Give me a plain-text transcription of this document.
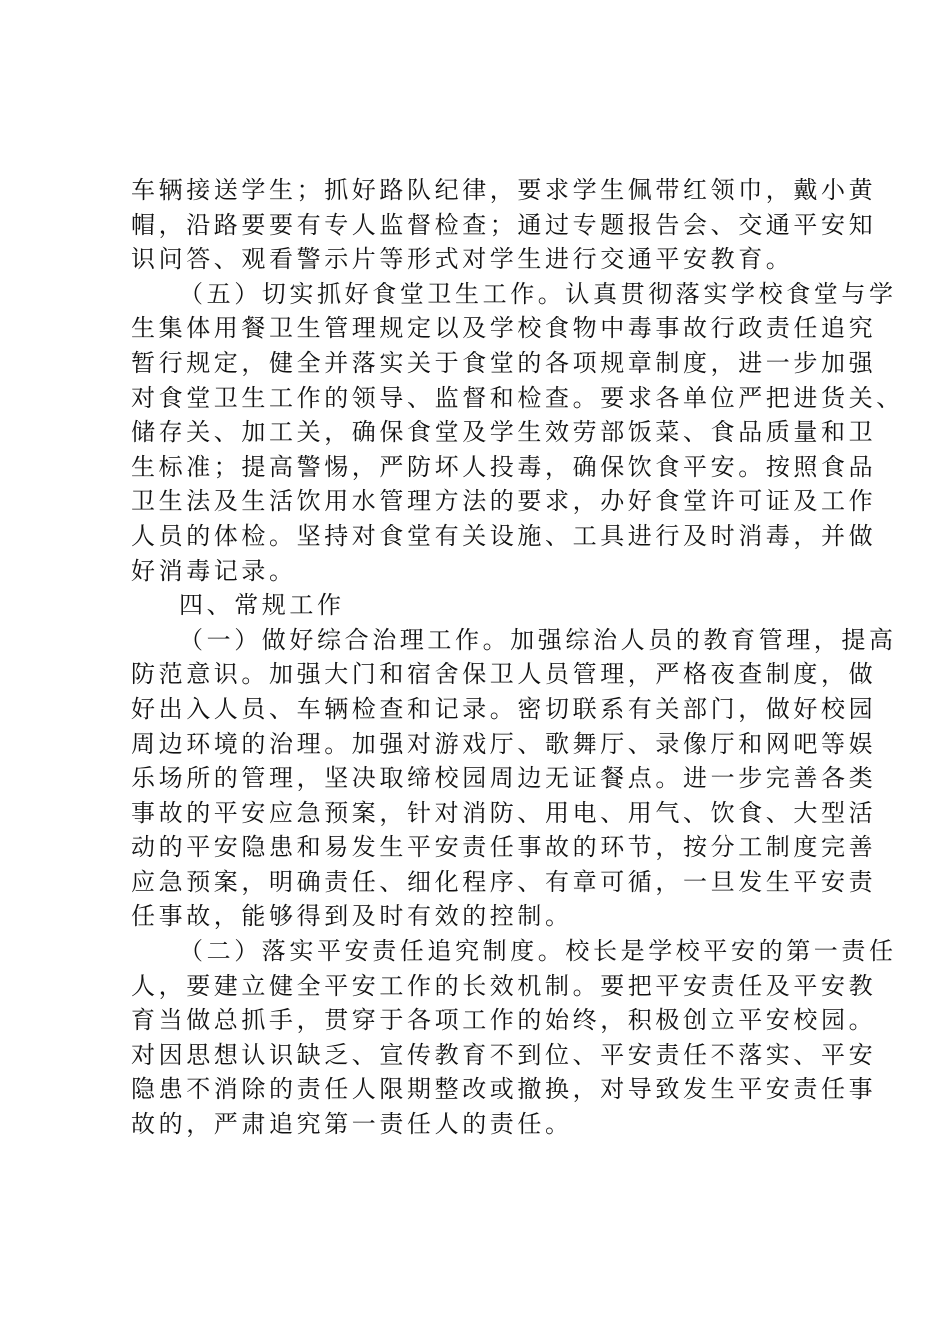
车辆接送学生；抓好路队纪律，要求学生佩带红领巾，戴小黄
帽，沿路要要有专人监督检查；通过专题报告会、交通平安知
识问答、观看警示片等形式对学生进行交通平安教育。
（五）切实抓好食堂卫生工作。认真贯彻落实学校食堂与学
生集体用餐卫生管理规定以及学校食物中毒事故行政责任追究
暂行规定，健全并落实关于食堂的各项规章制度，进一步加强
对食堂卫生工作的领导、监督和检查。要求各单位严把进货关、
储存关、加工关，确保食堂及学生效劳部饭菜、食品质量和卫
生标准；提高警惕，严防坏人投毒，确保饮食平安。按照食品
卫生法及生活饮用水管理方法的要求，办好食堂许可证及工作
人员的体检。坚持对食堂有关设施、工具进行及时消毒，并做
好消毒记录。
四、常规工作
（一）做好综合治理工作。加强综治人员的教育管理，提高
防范意识。加强大门和宿舍保卫人员管理，严格夜查制度，做
好出入人员、车辆检查和记录。密切联系有关部门，做好校园
周边环境的治理。加强对游戏厅、歌舞厅、录像厅和网吧等娱
乐场所的管理，坚决取缔校园周边无证餐点。进一步完善各类
事故的平安应急预案，针对消防、用电、用气、饮食、大型活
动的平安隐患和易发生平安责任事故的环节，按分工制度完善
应急预案，明确责任、细化程序、有章可循，一旦发生平安责
任事故，能够得到及时有效的控制。
（二）落实平安责任追究制度。校长是学校平安的第一责任
人，要建立健全平安工作的长效机制。要把平安责任及平安教
育当做总抓手，贯穿于各项工作的始终，积极创立平安校园。
对因思想认识缺乏、宣传教育不到位、平安责任不落实、平安
隐患不消除的责任人限期整改或撤换，对导致发生平安责任事
故的，严肃追究第一责任人的责任。
